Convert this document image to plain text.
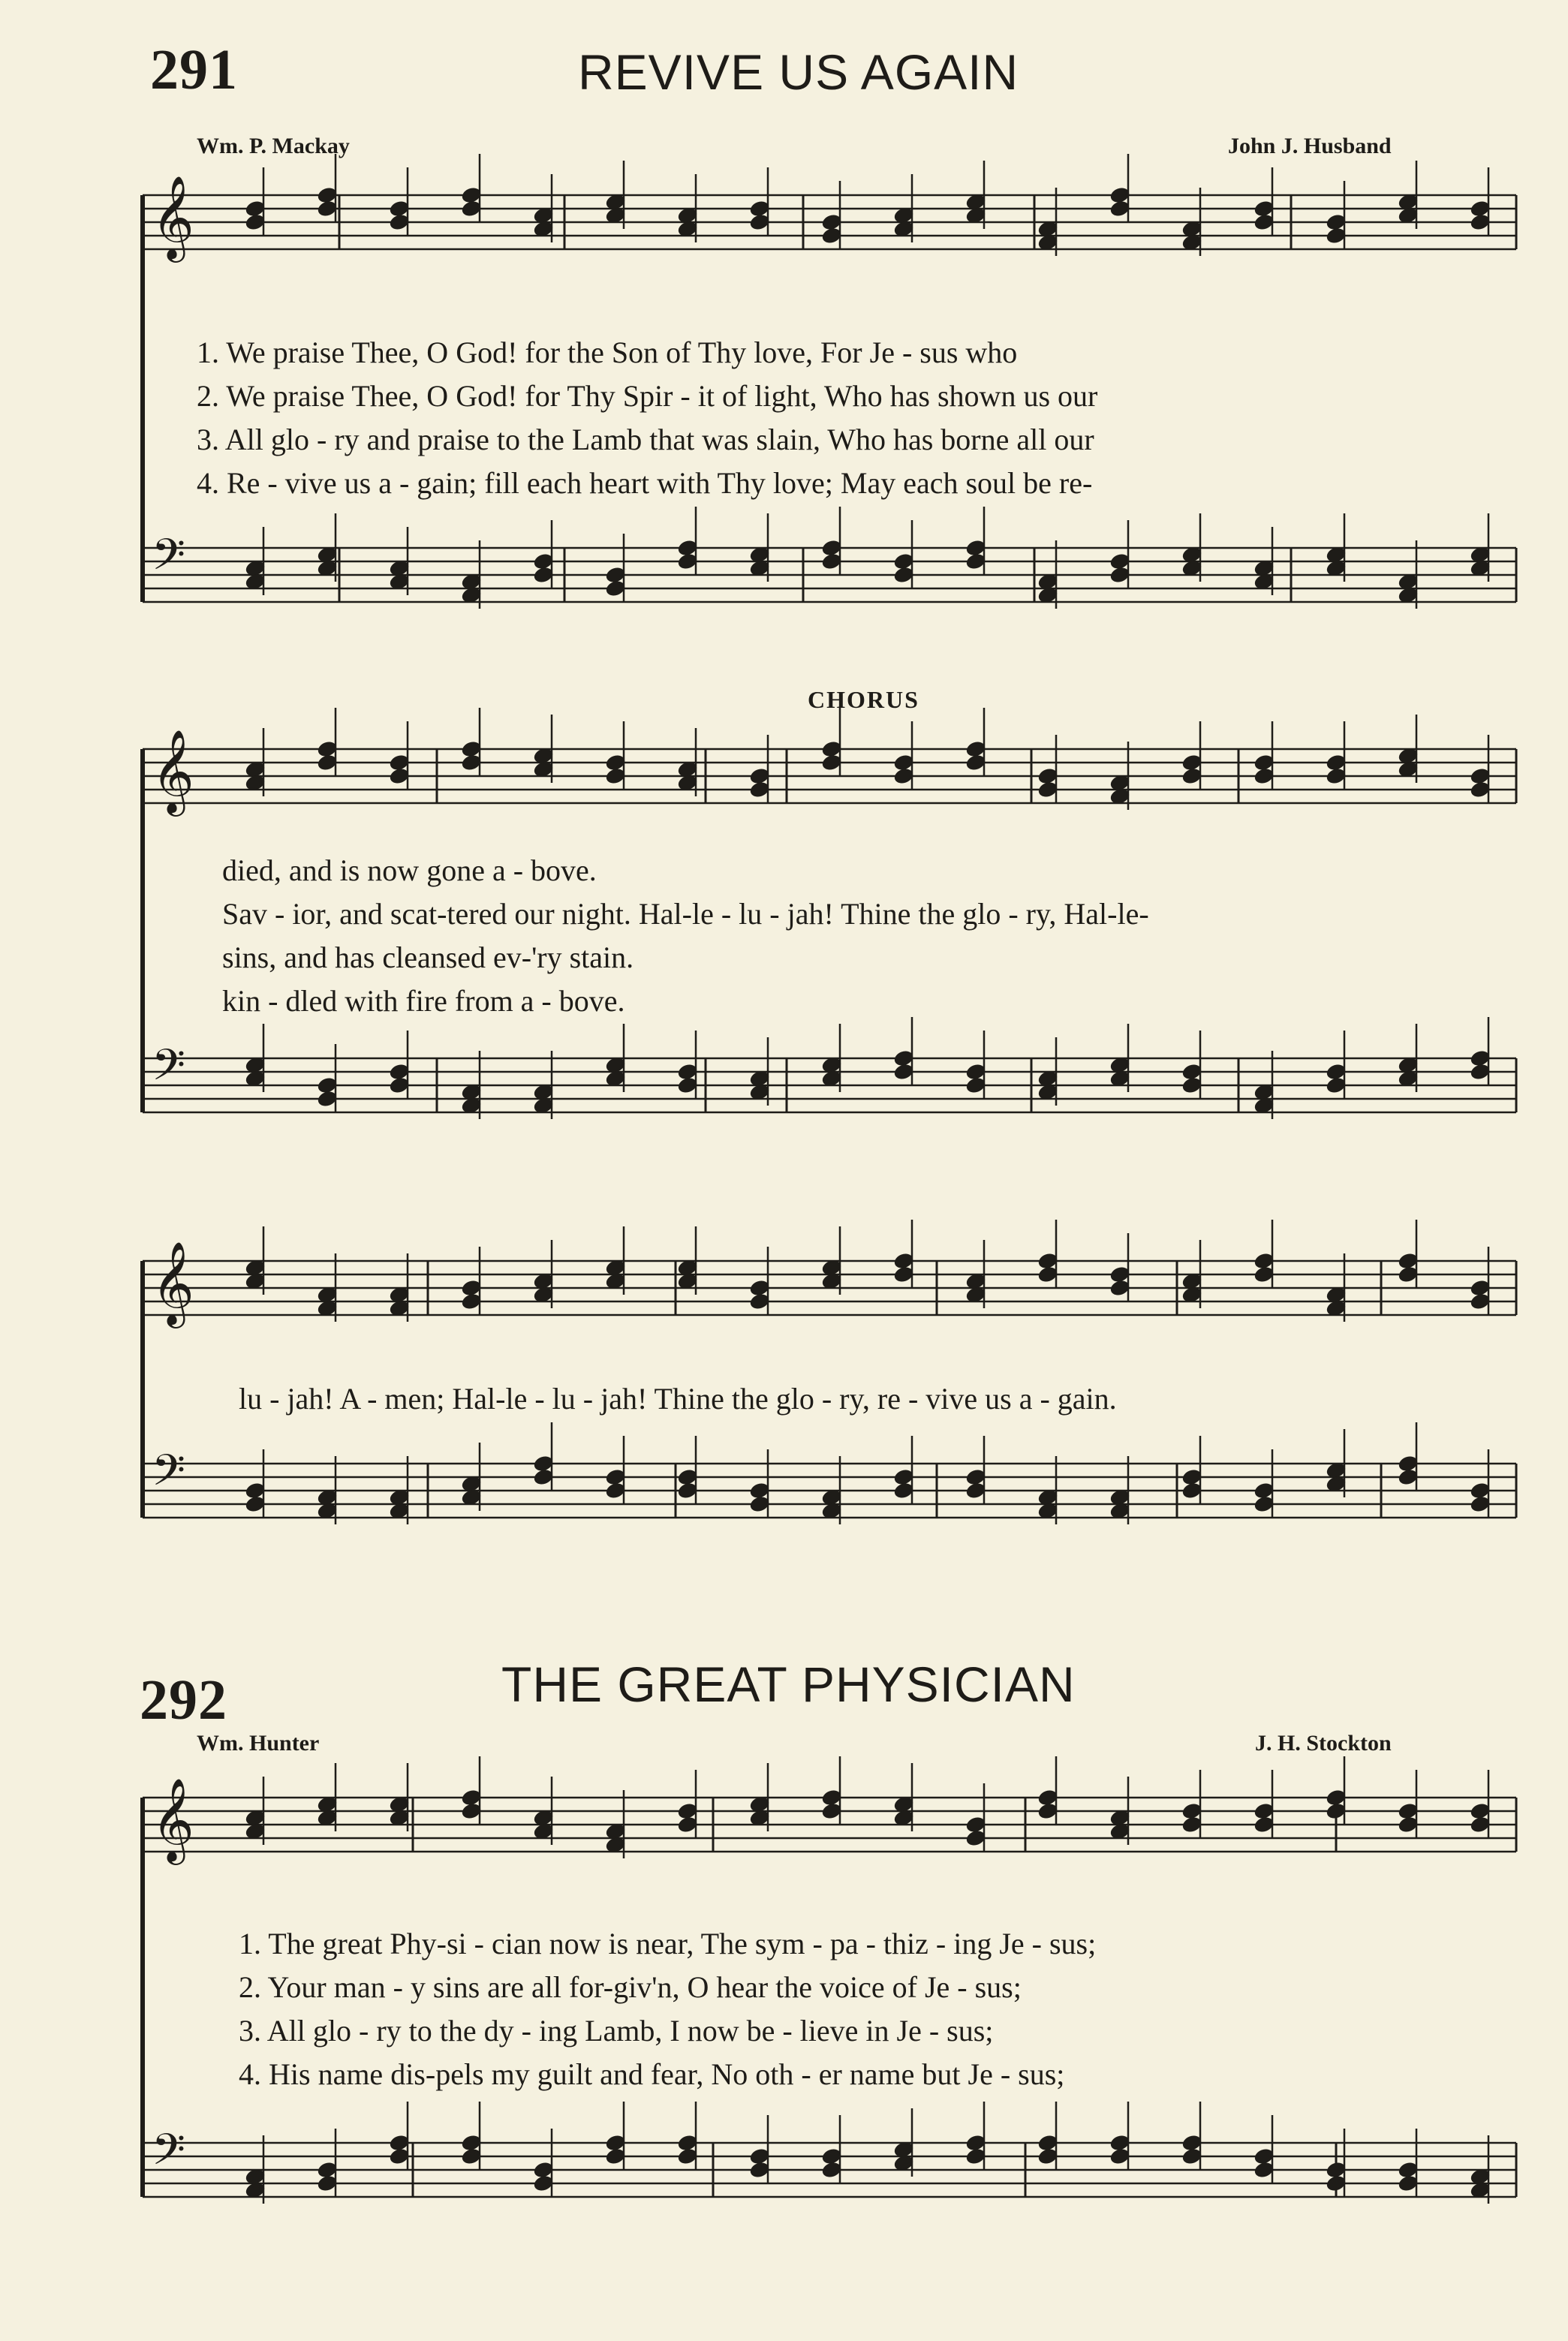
291	REVIVE US AGAIN
Wm. P. Mackay	John J. Husband
1. We praise Thee, O God! for the Son of Thy love, For Je - sus who
2. We praise Thee, O God! for Thy Spir - it of light, Who has shown us our
3. All glo - ry and praise to the Lamb that was slain, Who has borne all our
4. Re - vive us a - gain; fill each heart with Thy love; May each soul be re-
CHORUS
died, and is now gone a - bove.
Sav - ior, and scat-tered our night. Hal-le - lu - jah! Thine the glo - ry, Hal-le-
sins, and has cleansed ev-'ry stain.
kin - dled with fire from a - bove.
lu - jah! A - men; Hal-le - lu - jah! Thine the glo - ry, re - vive us a - gain.
292	THE GREAT PHYSICIAN
Wm. Hunter	J. H. Stockton
1. The great Phy-si - cian now is near, The sym - pa - thiz - ing Je - sus;
2. Your man - y sins are all for-giv'n, O hear the voice of Je - sus;
3. All glo - ry to the dy - ing Lamb, I now be - lieve in Je - sus;
4. His name dis-pels my guilt and fear, No oth - er name but Je - sus;
𝄞
𝄢
𝄞
𝄢
𝄞
𝄢
𝄞
𝄢
